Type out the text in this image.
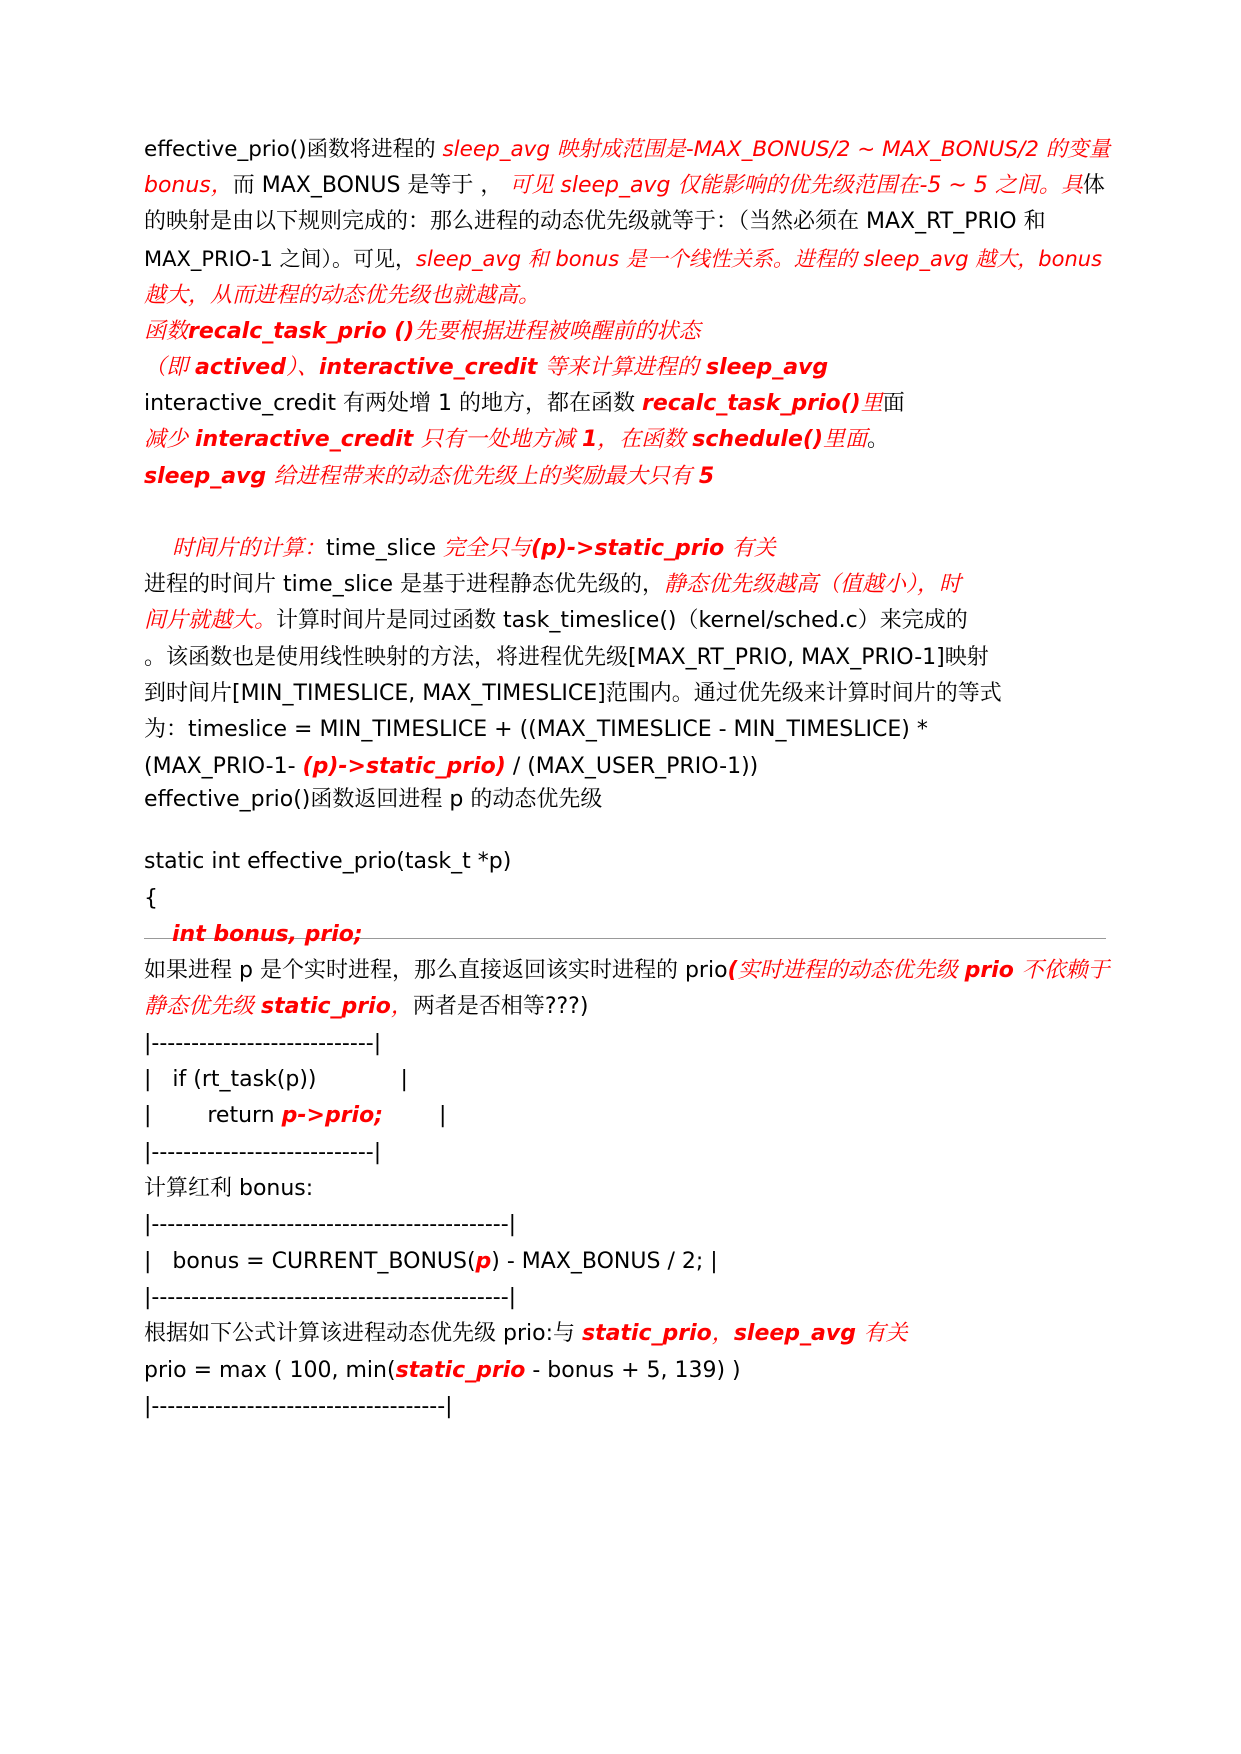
effective_prio()函数将进程的 sleep_avg 映射成范围是-MAX_BONUS/2 ~ MAX_BONUS/2 的变量
bonus，而 MAX_BONUS 是等于 ， 可见 sleep_avg 仅能影响的优先级范围在-5 ~ 5 之间。具体
的映射是由以下规则完成的：那么进程的动态优先级就等于：（当然必须在 MAX_RT_PRIO 和
MAX_PRIO-1 之间）。可见，sleep_avg 和 bonus 是一个线性关系。进程的 sleep_avg 越大，bonus
越大，从而进程的动态优先级也就越高。
函数recalc_task_prio ()先要根据进程被唤醒前的状态
（即 actived）、interactive_credit 等来计算进程的 sleep_avg
interactive_credit 有两处增 1 的地方，都在函数 recalc_task_prio()里面
减少 interactive_credit 只有一处地方减 1，在函数 schedule()里面。
sleep_avg 给进程带来的动态优先级上的奖励最大只有 5
时间片的计算：time_slice 完全只与(p)->static_prio 有关
进程的时间片 time_slice 是基于进程静态优先级的，静态优先级越高（值越小），时
间片就越大。计算时间片是同过函数 task_timeslice()（kernel/sched.c）来完成的
。该函数也是使用线性映射的方法，将进程优先级[MAX_RT_PRIO, MAX_PRIO-1]映射
到时间片[MIN_TIMESLICE, MAX_TIMESLICE]范围内。通过优先级来计算时间片的等式
为：timeslice = MIN_TIMESLICE + ((MAX_TIMESLICE - MIN_TIMESLICE) *
(MAX_PRIO-1- (p)->static_prio) / (MAX_USER_PRIO-1))
effective_prio()函数返回进程 p 的动态优先级
static int effective_prio(task_t *p)
{
int bonus, prio;
如果进程 p 是个实时进程，那么直接返回该实时进程的 prio(实时进程的动态优先级 prio 不依赖于
静态优先级 static_prio，两者是否相等???)
|----------------------------|
|   if (rt_task(p))            |
|        return p->prio;        |
|----------------------------|
计算红利 bonus:
|---------------------------------------------|
|   bonus = CURRENT_BONUS(p) - MAX_BONUS / 2; |
|---------------------------------------------|
根据如下公式计算该进程动态优先级 prio:与 static_prio，sleep_avg 有关
prio = max ( 100, min(static_prio - bonus + 5, 139) )
|-------------------------------------|
